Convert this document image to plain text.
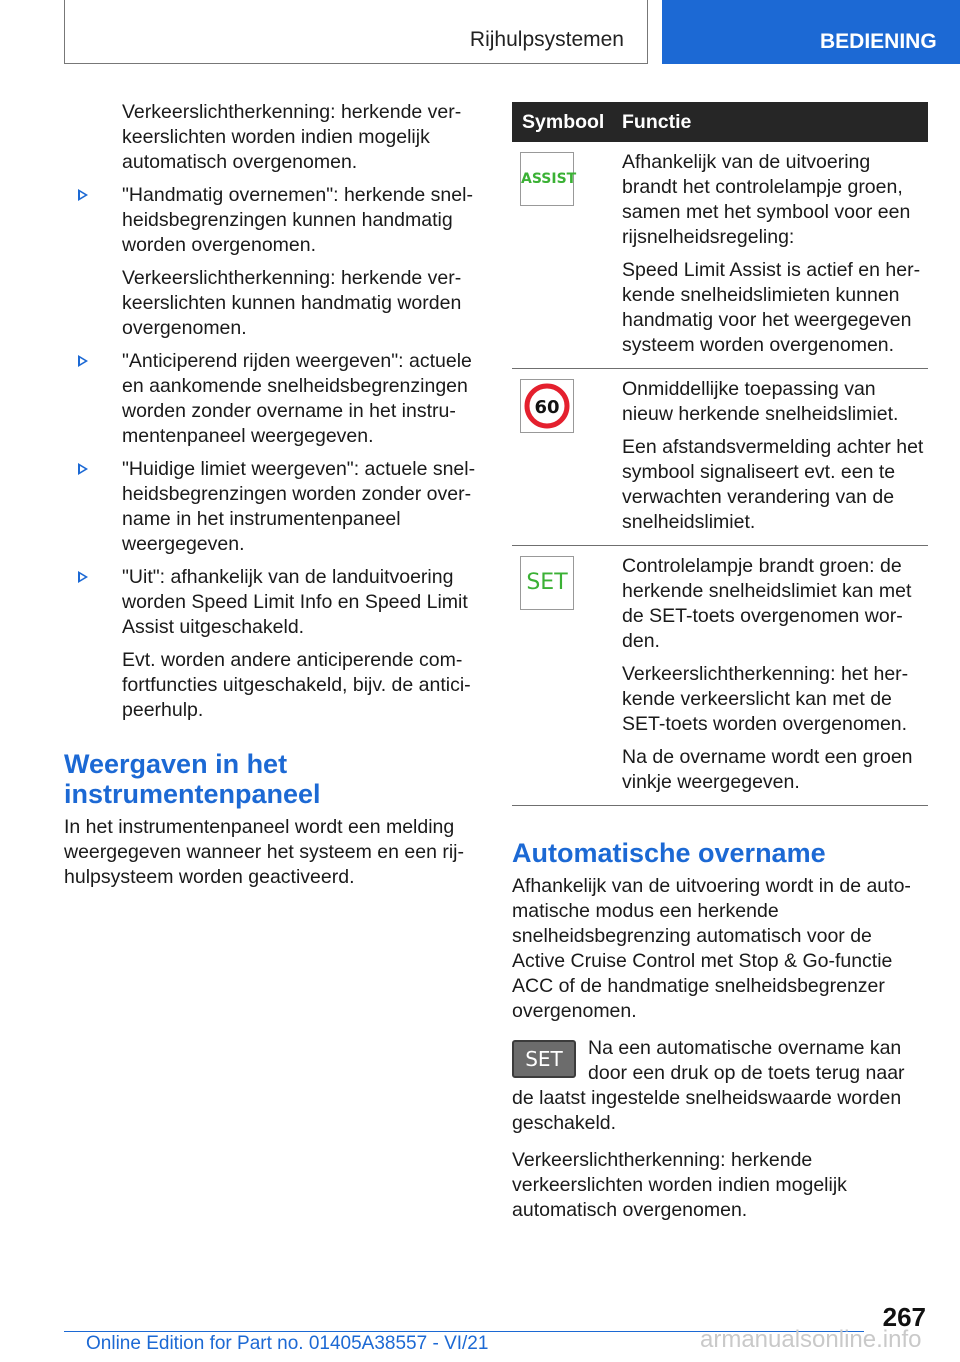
Rijhulpsystemen	BEDIENING

Verkeerslichtherkenning: herkende verkeerslichten worden indien mogelijk automatisch overgenomen.

"Handmatig overnemen": herkende snelheidsbegrenzingen kunnen handmatig worden overgenomen.

Verkeerslichtherkenning: herkende verkeerslichten kunnen handmatig worden overgenomen.

"Anticiperend rijden weergeven": actuele en aankomende snelheidsbegrenzingen worden zonder overname in het instrumentenpaneel weergegeven.

"Huidige limiet weergeven": actuele snelheidsbegrenzingen worden zonder overname in het instrumentenpaneel weergegeven.

"Uit": afhankelijk van de landuitvoering worden Speed Limit Info en Speed Limit Assist uitgeschakeld.

Evt. worden andere anticiperende comfortfuncties uitgeschakeld, bijv. de anticipeerhulp.

Weergaven in het instrumentenpaneel

In het instrumentenpaneel wordt een melding weergegeven wanneer het systeem en een rijhulpsysteem worden geactiveerd.

Symbool	Functie

ASSIST	Afhankelijk van de uitvoering brandt het controlelampje groen, samen met het symbool voor een rijsnelheidsregeling:

Speed Limit Assist is actief en herkende snelheidslimieten kunnen handmatig voor het weergegeven systeem worden overgenomen.

60	Onmiddellijke toepassing van nieuw herkende snelheidslimiet.

Een afstandsvermelding achter het symbool signaliseert evt. een te verwachten verandering van de snelheidslimiet.

SET	Controlelampje brandt groen: de herkende snelheidslimiet kan met de SET-toets overgenomen worden.

Verkeerslichtherkenning: het herkende verkeerslicht kan met de SET-toets worden overgenomen.

Na de overname wordt een groen vinkje weergegeven.

Automatische overname

Afhankelijk van de uitvoering wordt in de automatische modus een herkende snelheidsbegrenzing automatisch voor de Active Cruise Control met Stop & Go-functie ACC of de handmatige snelheidsbegrenzer overgenomen.

SET	Na een automatische overname kan door een druk op de toets terug naar de laatst ingestelde snelheidswaarde worden geschakeld.

Verkeerslichtherkenning: herkende verkeerslichten worden indien mogelijk automatisch overgenomen.

267
Online Edition for Part no. 01405A38557 - VI/21	armanualsonline.info
